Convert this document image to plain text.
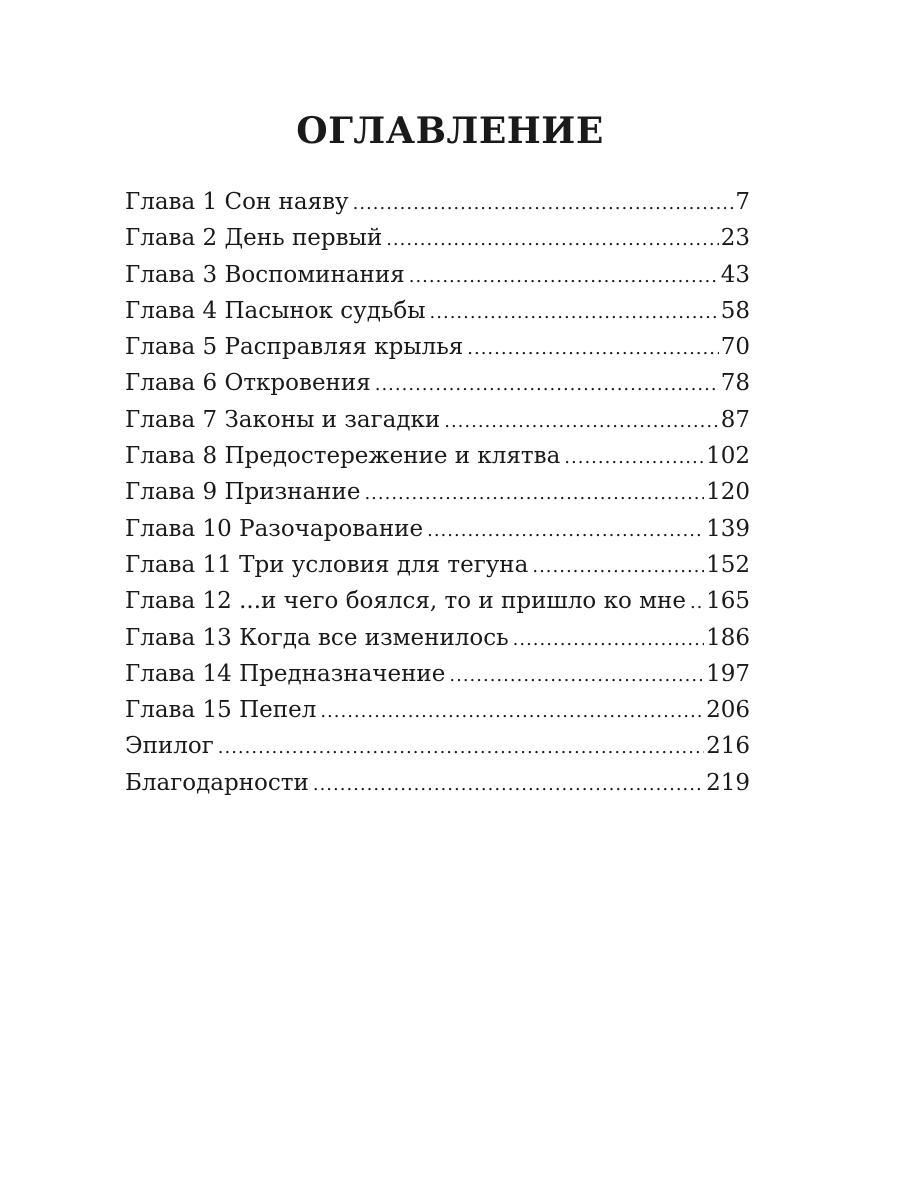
ОГЛАВЛЕНИЕ
Глава 1 Сон наяву .....	7
Глава 2 День первый .....	23
Глава 3 Воспоминания .....	43
Глава 4 Пасынок судьбы .....	58
Глава 5 Расправляя крылья .....	70
Глава 6 Откровения .....	78
Глава 7 Законы и загадки .....	87
Глава 8 Предостережение и клятва .....	102
Глава 9 Признание .....	120
Глава 10 Разочарование .....	139
Глава 11 Три условия для тегуна .....	152
Глава 12 ...и чего боялся, то и пришло ко мне ..... 165
Глава 13 Когда все изменилось .....	186
Глава 14 Предназначение .....	197
Глава 15 Пепел .....	206
Эпилог .....	216
Благодарности .....	219
